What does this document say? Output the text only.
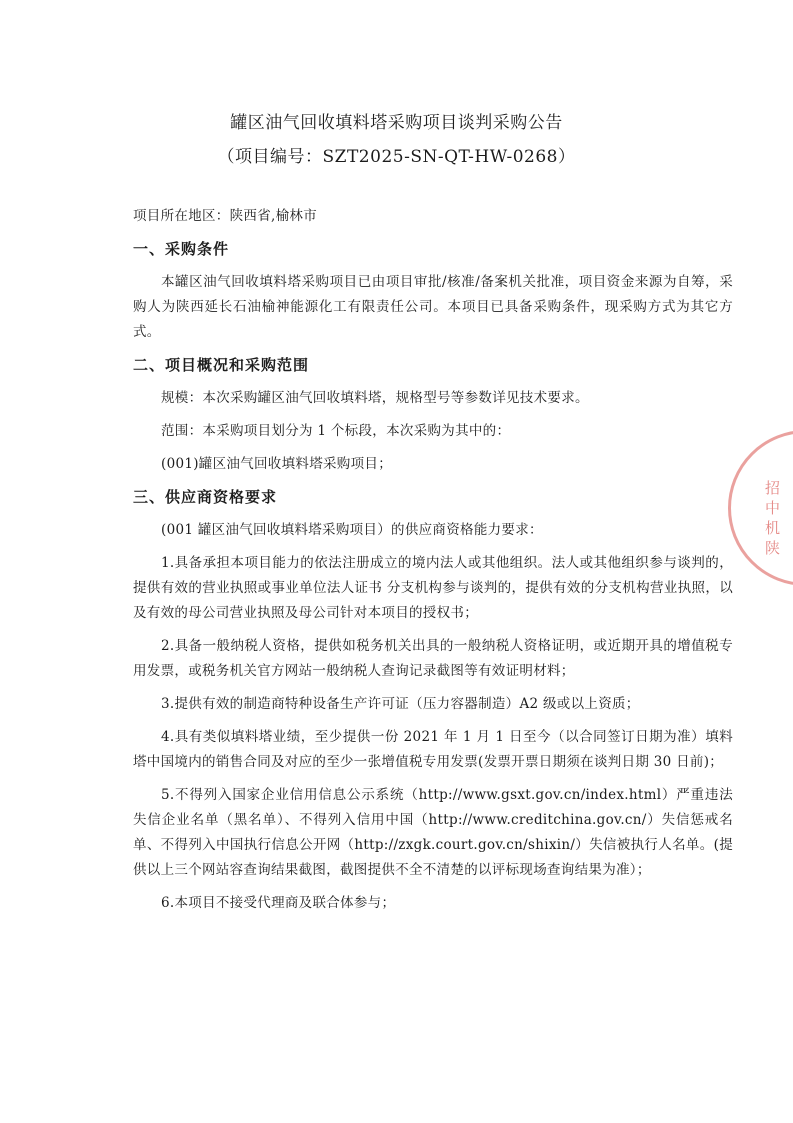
罐区油气回收填料塔采购项目谈判采购公告
（项目编号：SZT2025-SN-QT-HW-0268）

项目所在地区：陕西省,榆林市

一、采购条件

本罐区油气回收填料塔采购项目已由项目审批/核准/备案机关批准，项目资金来源为自筹，采购人为陕西延长石油榆神能源化工有限责任公司。本项目已具备采购条件，现采购方式为其它方式。

二、项目概况和采购范围

规模：本次采购罐区油气回收填料塔，规格型号等参数详见技术要求。

范围：本采购项目划分为 1 个标段，本次采购为其中的：

(001)罐区油气回收填料塔采购项目；

三、供应商资格要求

(001 罐区油气回收填料塔采购项目）的供应商资格能力要求：

1.具备承担本项目能力的依法注册成立的境内法人或其他组织。法人或其他组织参与谈判的，提供有效的营业执照或事业单位法人证书 分支机构参与谈判的，提供有效的分支机构营业执照，以及有效的母公司营业执照及母公司针对本项目的授权书；

2.具备一般纳税人资格，提供如税务机关出具的一般纳税人资格证明，或近期开具的增值税专用发票，或税务机关官方网站一般纳税人查询记录截图等有效证明材料；

3.提供有效的制造商特种设备生产许可证（压力容器制造）A2 级或以上资质；

4.具有类似填料塔业绩，至少提供一份 2021 年 1 月 1 日至今（以合同签订日期为准）填料塔中国境内的销售合同及对应的至少一张增值税专用发票(发票开票日期须在谈判日期 30 日前)；

5.不得列入国家企业信用信息公示系统（http://www.gsxt.gov.cn/index.html）严重违法失信企业名单（黑名单）、不得列入信用中国（http://www.creditchina.gov.cn/）失信惩戒名单、不得列入中国执行信息公开网（http://zxgk.court.gov.cn/shixin/）失信被执行人名单。(提供以上三个网站容查询结果截图，截图提供不全不清楚的以评标现场查询结果为准）；

6.本项目不接受代理商及联合体参与；

招中机陕
